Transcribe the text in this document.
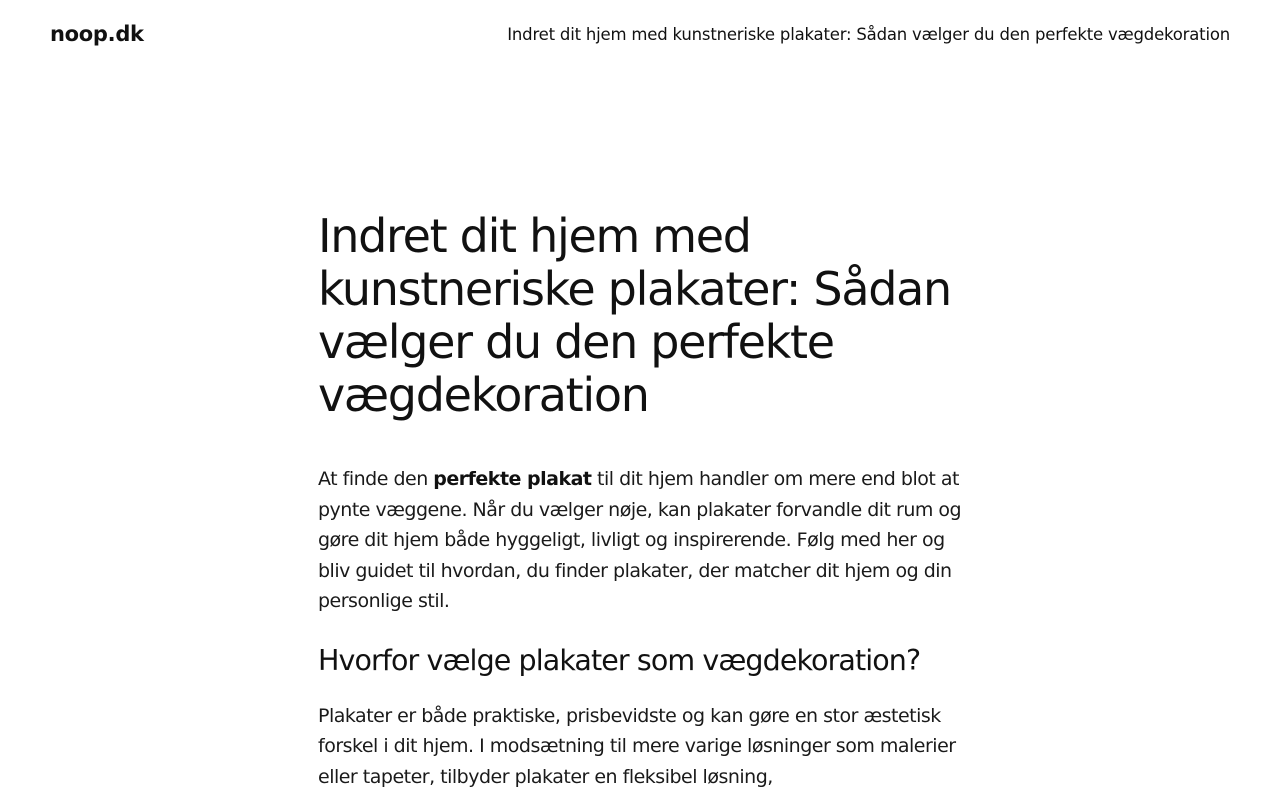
noop.dk	Indret dit hjem med kunstneriske plakater: Sådan vælger du den perfekte vægdekoration
Indret dit hjem med kunstneriske plakater: Sådan vælger du den perfekte vægdekoration

At finde den perfekte plakat til dit hjem handler om mere end blot at pynte væggene. Når du vælger nøje, kan plakater forvandle dit rum og gøre dit hjem både hyggeligt, livligt og inspirerende. Følg med her og bliv guidet til hvordan, du finder plakater, der matcher dit hjem og din personlige stil.

Hvorfor vælge plakater som vægdekoration?

Plakater er både praktiske, prisbevidste og kan gøre en stor æstetisk forskel i dit hjem. I modsætning til mere varige løsninger som malerier eller tapeter, tilbyder plakater en fleksibel løsning,
